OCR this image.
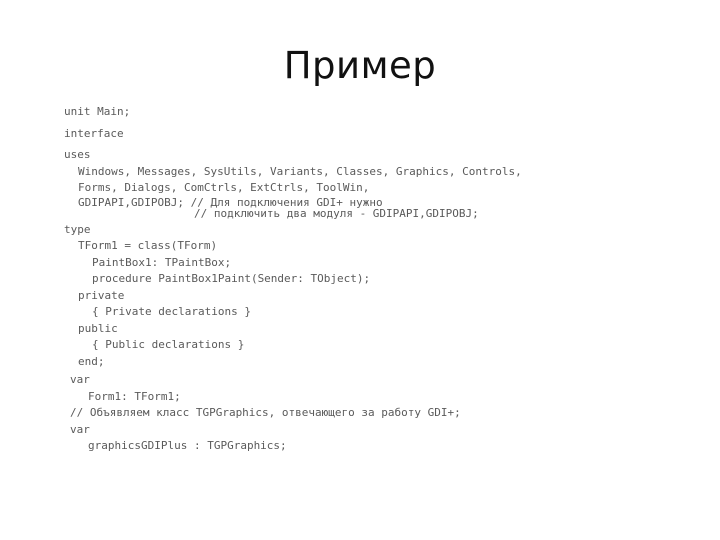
Пример
unit Main;
interface
uses
Windows, Messages, SysUtils, Variants, Classes, Graphics, Controls,
Forms, Dialogs, ComCtrls, ExtCtrls, ToolWin,
GDIPAPI,GDIPOBJ; // Для подключения GDI+ нужно
// подключить два модуля - GDIPAPI,GDIPOBJ;
type
TForm1 = class(TForm)
PaintBox1: TPaintBox;
procedure PaintBox1Paint(Sender: TObject);
private
{ Private declarations }
public
{ Public declarations }
end;
var
Form1: TForm1;
// Объявляем класс TGPGraphics, отвечающего за работу GDI+;
var
graphicsGDIPlus : TGPGraphics;
